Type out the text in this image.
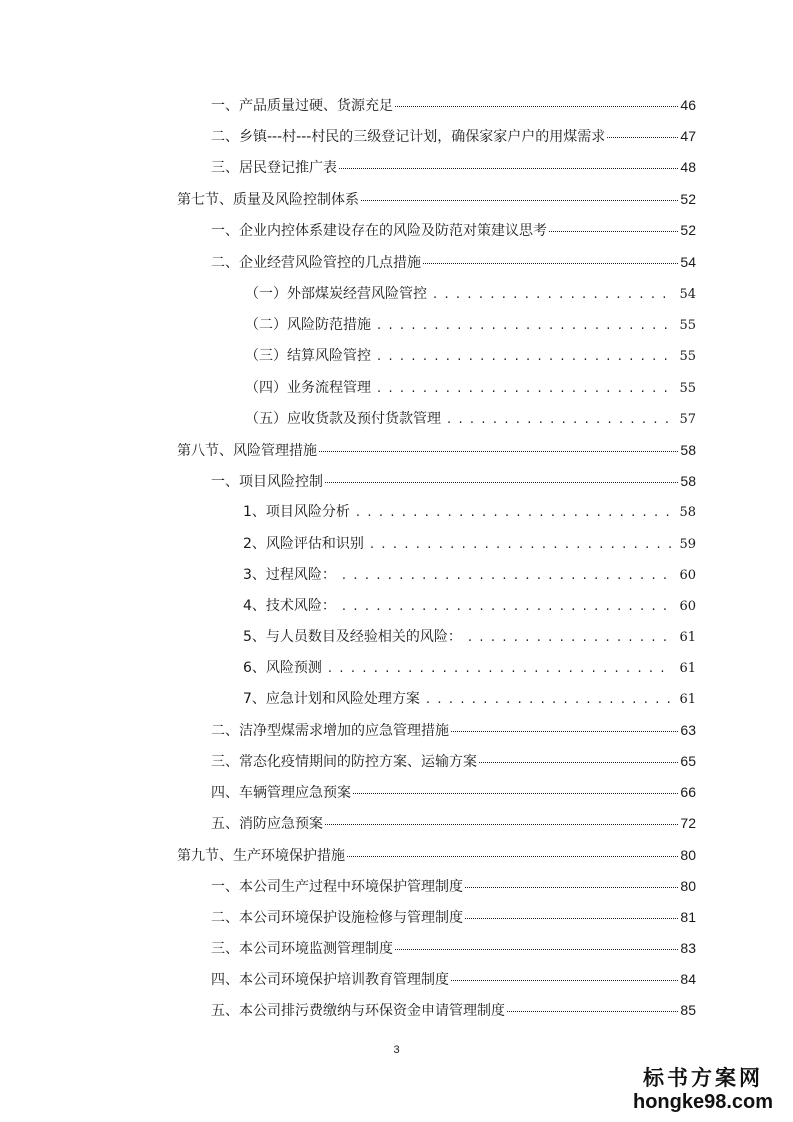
一、产品质量过硬、货源充足	46
二、乡镇---村---村民的三级登记计划，确保家家户户的用煤需求	47
三、居民登记推广表	48
第七节、质量及风险控制体系	52
一、企业内控体系建设存在的风险及防范对策建议思考	52
二、企业经营风险管控的几点措施	54
（一） 外部煤炭经营风险管控 . . .	54
（二） 风险防范措施 . . .	55
（三） 结算风险管控 . . .	55
（四） 业务流程管理 . . .	55
（五） 应收货款及预付货款管理 . . .	57
第八节、风险管理措施	58
一、项目风险控制	58
1、项目风险分析 . . .	58
2、风险评估和识别 . . .	59
3、过程风险： . . .	60
4、技术风险： . . .	60
5、与人员数目及经验相关的风险： . . .	61
6、风险预测 . . .	61
7、应急计划和风险处理方案 . . .	61
二、洁净型煤需求增加的应急管理措施	63
三、常态化疫情期间的防控方案、运输方案	65
四、车辆管理应急预案	66
五、消防应急预案	72
第九节、生产环境保护措施	80
一、本公司生产过程中环境保护管理制度	80
二、本公司环境保护设施检修与管理制度	81
三、本公司环境监测管理制度	83
四、本公司环境保护培训教育管理制度	84
五、本公司排污费缴纳与环保资金申请管理制度	85
3
标书方案网
hongke98.com
